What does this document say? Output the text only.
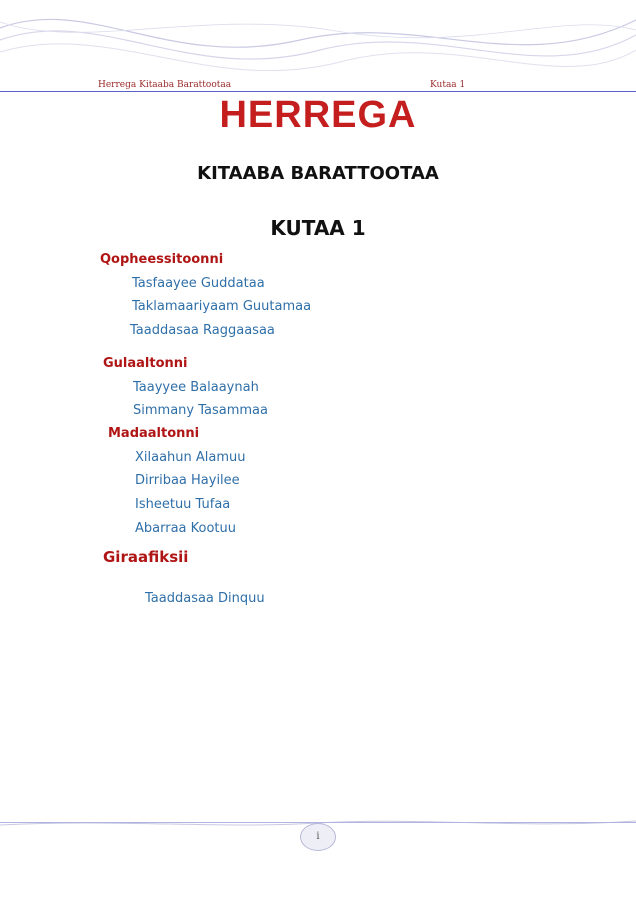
Herrega Kitaaba Barattootaa	Kutaa 1
HERREGA
KITAABA BARATTOOTAA
KUTAA 1
Qopheessitoonni
Tasfaayee Guddataa
Taklamaariyaam Guutamaa
Taaddasaa Raggaasaa
Gulaaltonni
Taayyee Balaaynah
Simmany Tasammaa
Madaaltonni
Xilaahun Alamuu
Dirribaa Hayilee
Isheetuu Tufaa
Abarraa Kootuu
Giraafiksii
Taaddasaa Dinquu
i
